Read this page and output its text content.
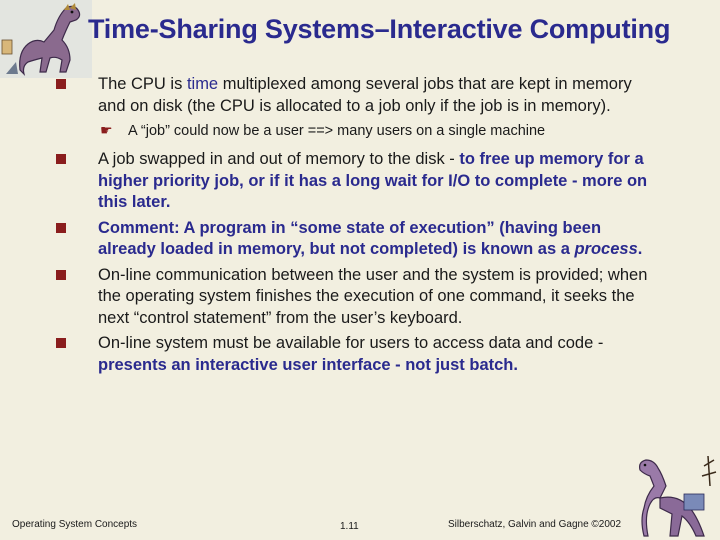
Time-Sharing Systems–Interactive Computing
The CPU is time multiplexed among several jobs that are kept in memory and on disk (the CPU is allocated to a job only if the job is in memory).
☛ A “job” could now be a user ==> many users on a single machine
A job swapped in and out of memory to the disk - to free up memory for a higher priority job, or if it has a long wait for I/O to complete - more on this later.
Comment: A program in “some state of execution” (having been already loaded in memory, but not completed) is known as a process.
On-line communication between the user and the system is provided; when the operating system finishes the execution of one command, it seeks the next “control statement” from the user’s keyboard.
On-line system must be available for users to access data and code - presents an interactive user interface - not just batch.
Operating System Concepts	1.11	Silberschatz, Galvin and Gagne ©2002
